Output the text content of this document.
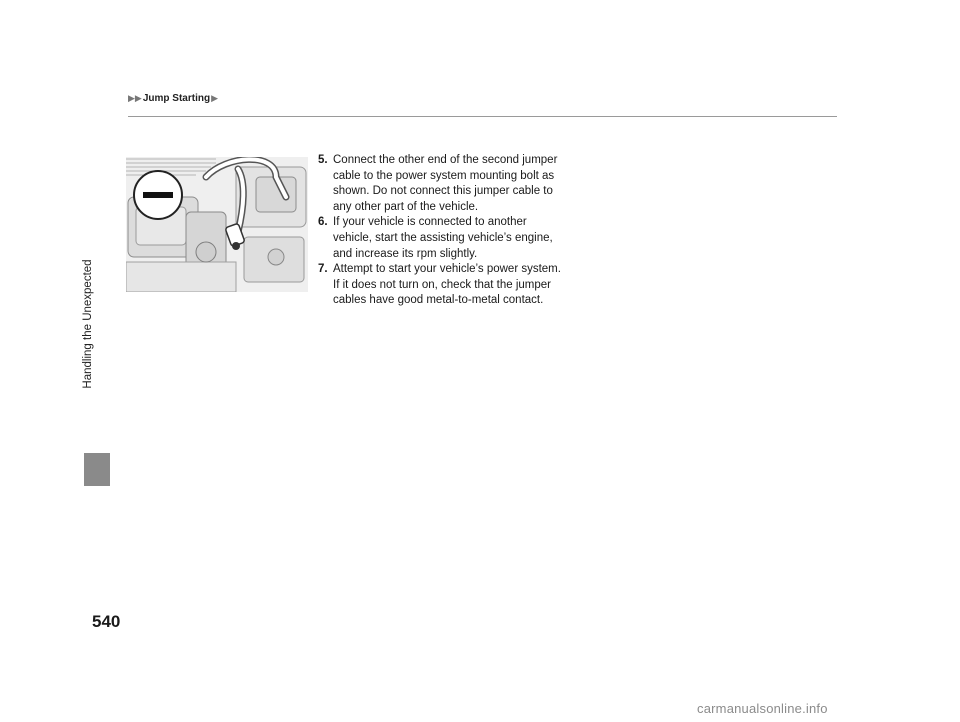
▶▶ Jump Starting ▶
Handling the Unexpected
5. Connect the other end of the second jumper cable to the power system mounting bolt as shown. Do not connect this jumper cable to any other part of the vehicle.
6. If your vehicle is connected to another vehicle, start the assisting vehicle’s engine, and increase its rpm slightly.
7. Attempt to start your vehicle’s power system. If it does not turn on, check that the jumper cables have good metal-to-metal contact.
540
carmanualsonline.info
